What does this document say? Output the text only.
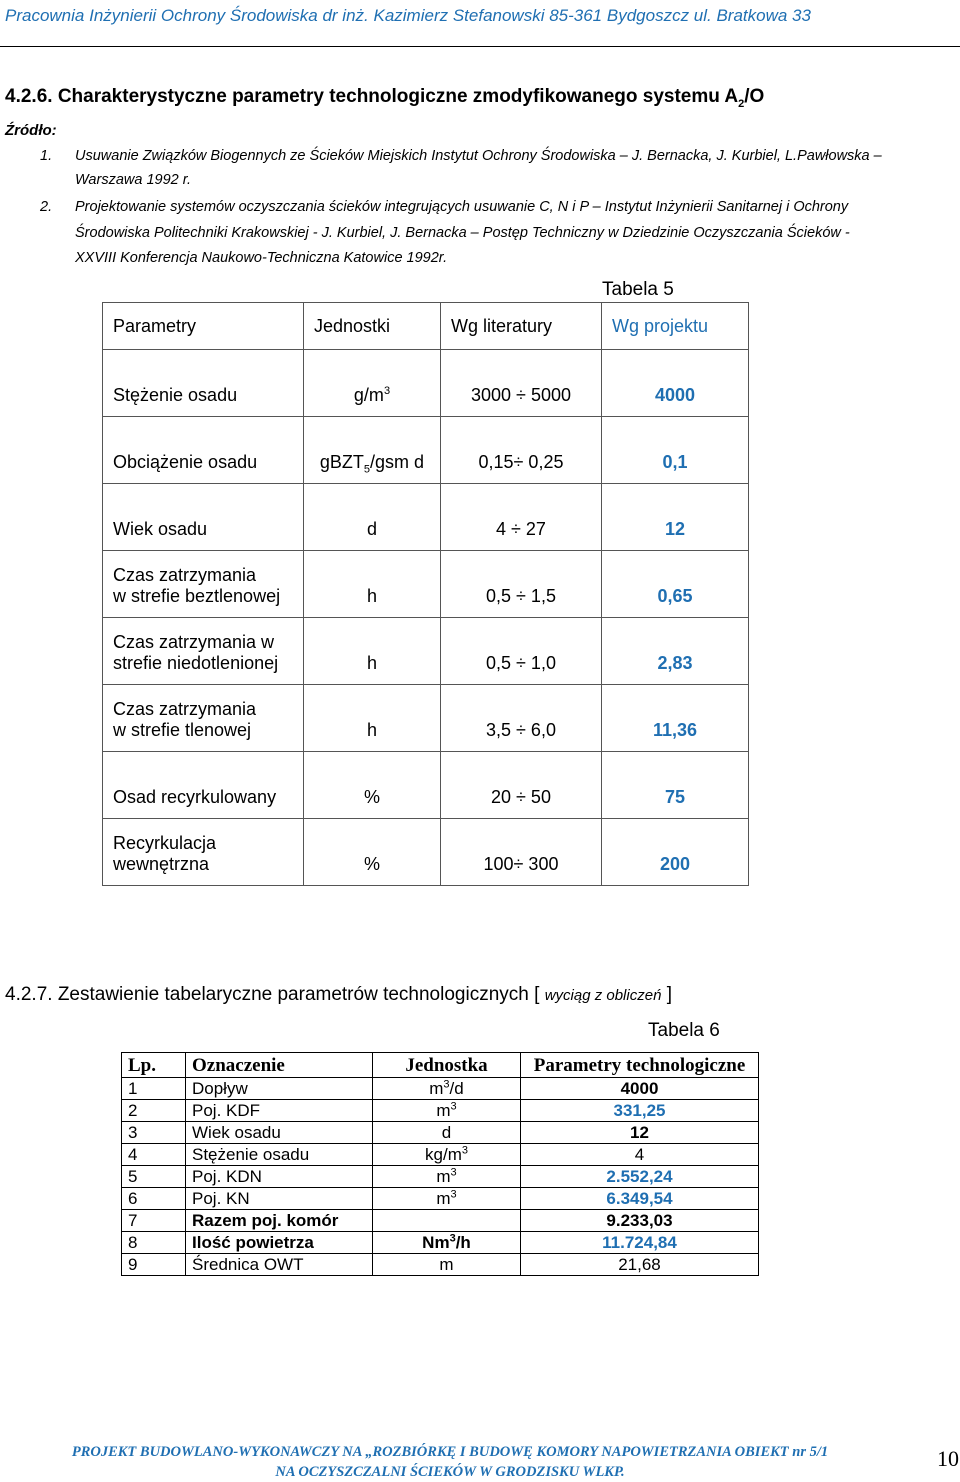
Pracownia Inżynierii Ochrony Środowiska dr inż. Kazimierz Stefanowski 85-361 Bydgoszcz ul. Bratkowa 33
4.2.6. Charakterystyczne parametry technologiczne zmodyfikowanego systemu $A_2/O$
Źródło:
1. Usuwanie Związków Biogennych ze Ścieków Miejskich Instytut Ochrony Środowiska – J. Bernacka, J. Kurbiel, L.Pawłowska –
Warszawa 1992 r.
2. Projektowanie systemów oczyszczania ścieków integrujących usuwanie C, N i P – Instytut Inżynierii Sanitarnej i Ochrony
Środowiska Politechniki Krakowskiej - J. Kurbiel, J. Bernacka – Postęp Techniczny w Dziedzinie Oczyszczania Ścieków -
XXVIII Konferencja Naukowo-Techniczna Katowice 1992r.
Tabela 5
Parametry	Jednostki	Wg literatury	Wg projektu
Stężenie osadu	$g/m^3$	3000 ÷ 5000	4000
Obciążenie osadu	gBZT$_5$/gsm d	0,15÷ 0,25	0,1
Wiek osadu	d	4 ÷ 27	12
Czas zatrzymania
w strefie beztlenowej	h	0,5 ÷ 1,5	0,65
Czas zatrzymania w
strefie niedotlenionej	h	0,5 ÷ 1,0	2,83
Czas zatrzymania
w strefie tlenowej	h	3,5 ÷ 6,0	11,36
Osad recyrkulowany	%	20 ÷ 50	75
Recyrkulacja
wewnętrzna	%	100÷ 300	200
4.2.7. Zestawienie tabelaryczne parametrów technologicznych [ wyciąg z obliczeń ]
Tabela 6
Lp.	Oznaczenie	Jednostka	Parametry technologiczne
1	Dopływ	$m^3/d$	4000
2	Poj. KDF	$m^3$	331,25
3	Wiek osadu	d	12
4	Stężenie osadu	$kg/m^3$	4
5	Poj. KDN	$m^3$	2.552,24
6	Poj. KN	$m^3$	6.349,54
7	Razem poj. komór		9.233,03
8	Ilość powietrza	Nm$^3$/h	11.724,84
9	Średnica OWT	m	21,68
PROJEKT BUDOWLANO-WYKONAWCZY NA „ROZBIÓRKĘ I BUDOWĘ KOMORY NAPOWIETRZANIA OBIEKT nr 5/1
NA OCZYSZCZALNI ŚCIEKÓW W GRODZISKU WLKP.
10
